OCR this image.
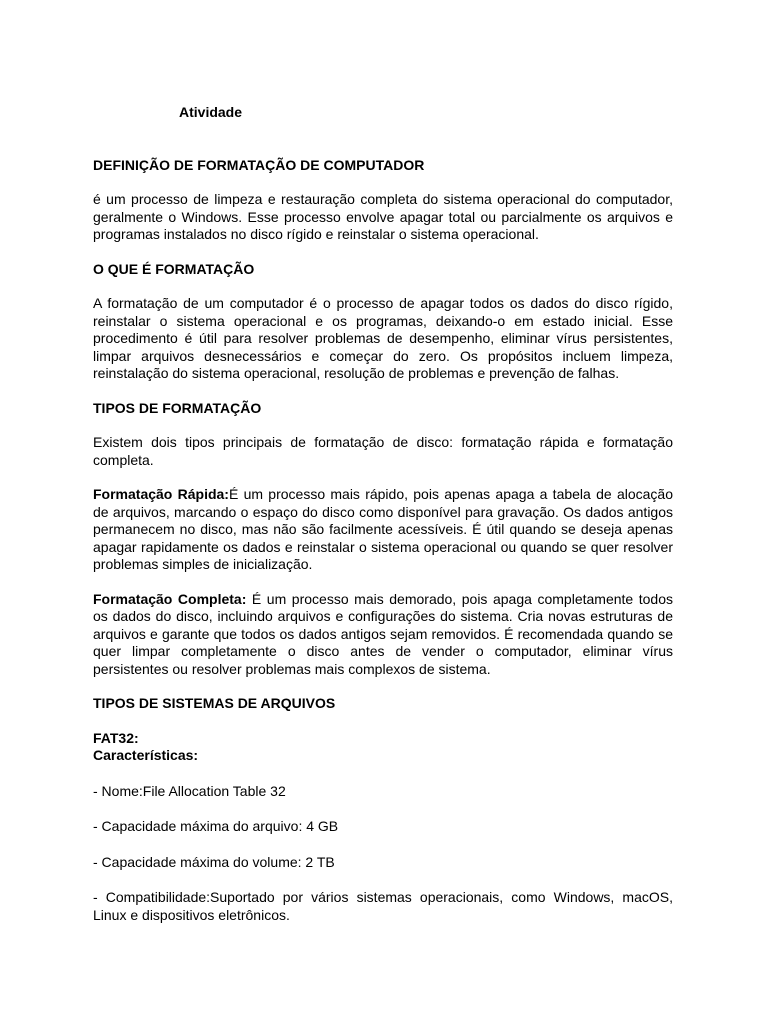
Atividade

DEFINIÇÃO DE FORMATAÇÃO DE COMPUTADOR

é um processo de limpeza e restauração completa do sistema operacional do computador, geralmente o Windows. Esse processo envolve apagar total ou parcialmente os arquivos e programas instalados no disco rígido e reinstalar o sistema operacional.

O QUE É FORMATAÇÃO

A formatação de um computador é o processo de apagar todos os dados do disco rígido, reinstalar o sistema operacional e os programas, deixando-o em estado inicial. Esse procedimento é útil para resolver problemas de desempenho, eliminar vírus persistentes, limpar arquivos desnecessários e começar do zero. Os propósitos incluem limpeza, reinstalação do sistema operacional, resolução de problemas e prevenção de falhas.

TIPOS DE FORMATAÇÃO

Existem dois tipos principais de formatação de disco: formatação rápida e formatação completa.

Formatação Rápida:É um processo mais rápido, pois apenas apaga a tabela de alocação de arquivos, marcando o espaço do disco como disponível para gravação. Os dados antigos permanecem no disco, mas não são facilmente acessíveis. É útil quando se deseja apenas apagar rapidamente os dados e reinstalar o sistema operacional ou quando se quer resolver problemas simples de inicialização.

Formatação Completa: É um processo mais demorado, pois apaga completamente todos os dados do disco, incluindo arquivos e configurações do sistema. Cria novas estruturas de arquivos e garante que todos os dados antigos sejam removidos. É recomendada quando se quer limpar completamente o disco antes de vender o computador, eliminar vírus persistentes ou resolver problemas mais complexos de sistema.

TIPOS DE SISTEMAS DE ARQUIVOS

FAT32:

Características:

- Nome:File Allocation Table 32

- Capacidade máxima do arquivo: 4 GB

- Capacidade máxima do volume: 2 TB

- Compatibilidade:Suportado por vários sistemas operacionais, como Windows, macOS, Linux e dispositivos eletrônicos.
